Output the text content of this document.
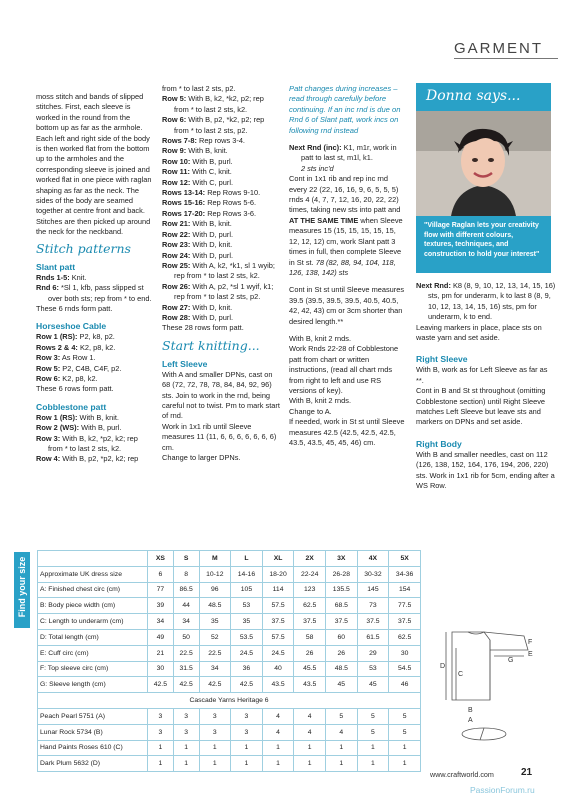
GARMENT

moss stitch and bands of slipped stitches. First, each sleeve is worked in the round from the bottom up as far as the armhole. Each left and right side of the body is then worked flat from the bottom up to the armholes and the corresponding sleeve is joined and worked flat in one piece with raglan shaping as far as the neck. The sides of the body are seamed together at centre front and back. Stitches are then picked up around the neck for the neckband.

Stitch patterns
Slant patt

Rnds 1-5: Knit.

Rnd 6: *Sl 1, kfb, pass slipped st over both sts; rep from * to end.

These 6 rnds form patt.

Horseshoe Cable

Row 1 (RS): P2, k8, p2.

Rows 2 & 4: K2, p8, k2.

Row 3: As Row 1.

Row 5: P2, C4B, C4F, p2.

Row 6: K2, p8, k2.

These 6 rows form patt.

Cobblestone patt

Row 1 (RS): With B, knit.

Row 2 (WS): With B, purl.

Row 3: With B, k2, *p2, k2; rep from * to last 2 sts, k2.

Row 4: With B, p2, *p2, k2; rep

from * to last 2 sts, p2.

Row 5: With B, k2, *k2, p2; rep from * to last 2 sts, k2.

Row 6: With B, p2, *k2, p2; rep from * to last 2 sts, p2.

Rows 7-8: Rep rows 3-4.

Row 9: With B, knit.

Row 10: With B, purl.

Row 11: With C, knit.

Row 12: With C, purl.

Rows 13-14: Rep Rows 9-10.

Rows 15-16: Rep Rows 5-6.

Rows 17-20: Rep Rows 3-6.

Row 21: With B, knit.

Row 22: With D, purl.

Row 23: With D, knit.

Row 24: With D, purl.

Row 25: With A, k2, *k1, sl 1 wyib; rep from * to last 2 sts, k2.

Row 26: With A, p2, *sl 1 wyif, k1; rep from * to last 2 sts, p2.

Row 27: With D, knit.

Row 28: With D, purl.

These 28 rows form patt.

Start knitting...
Left Sleeve

With A and smaller DPNs, cast on 68 (72, 72, 78, 78, 84, 84, 92, 96) sts. Join to work in the rnd, being careful not to twist. Pm to mark start of rnd.

Work in 1x1 rib until Sleeve measures 11 (11, 6, 6, 6, 6, 6, 6, 6) cm.

Change to larger DPNs.

Patt changes during increases – read through carefully before continuing. If an inc rnd is due on Rnd 6 of Slant patt, work incs on following rnd instead

Next Rnd (inc): K1, m1r, work in patt to last st, m1l, k1.

2 sts inc'd

Cont in 1x1 rib and rep inc rnd every 22 (22, 16, 16, 9, 6, 5, 5, 5) rnds 4 (4, 7, 7, 12, 16, 20, 22, 22) times, taking new sts into patt and AT THE SAME TIME when Sleeve measures 15 (15, 15, 15, 15, 15, 12, 12, 12) cm, work Slant patt 3 times in full, then complete Sleeve in St st. 78 (82, 88, 94, 104, 118, 126, 138, 142) sts

Cont in St st until Sleeve measures 39.5 (39.5, 39.5, 39.5, 40.5, 40.5, 42, 42, 43) cm or 3cm shorter than desired length.**

With B, knit 2 rnds.

Work Rnds 22-28 of Cobblestone patt from chart or written instructions, (read all chart rnds from right to left and use RS versions of key).

With B, knit 2 rnds.

Change to A.

If needed, work in St st until Sleeve measures 42.5 (42.5, 42.5, 42.5, 43.5, 43.5, 45, 45, 46) cm.

Donna says...
"Village Raglan lets your creativity flow with different colours, textures, techniques, and construction to hold your interest"

Next Rnd: K8 (8, 9, 10, 12, 13, 14, 15, 16) sts, pm for underarm, k to last 8 (8, 9, 10, 12, 13, 14, 15, 16) sts, pm for underarm, k to end.

Leaving markers in place, place sts on waste yarn and set aside.

Right Sleeve

With B, work as for Left Sleeve as far as **.

Cont in B and St st throughout (omitting Cobblestone section) until Right Sleeve matches Left Sleeve but leave sts and markers on DPNs and set aside.

Right Body

With B and smaller needles, cast on 112 (126, 138, 152, 164, 176, 194, 206, 220) sts. Work in 1x1 rib for 5cm, ending after a WS Row.

Find your size
		XS	S	M	L	XL	2X	3X	4X	5X
Approximate UK dress size	6	8	10-12	14-16	18-20	22-24	26-28	30-32	34-36
A: Finished chest circ (cm)	77	86.5	96	105	114	123	135.5	145	154
B: Body piece width (cm)	39	44	48.5	53	57.5	62.5	68.5	73	77.5
C: Length to underarm (cm)	34	34	35	35	37.5	37.5	37.5	37.5	37.5
D: Total length (cm)	49	50	52	53.5	57.5	58	60	61.5	62.5
E: Cuff circ (cm)	21	22.5	22.5	24.5	24.5	26	26	29	30
F: Top sleeve circ (cm)	30	31.5	34	36	40	45.5	48.5	53	54.5
G: Sleeve length (cm)	42.5	42.5	42.5	42.5	43.5	43.5	45	45	46
Cascade Yarns Heritage 6									
Peach Pearl 5751 (A)	3	3	3	3	4	4	5	5	5
Lunar Rock 5734 (B)	3	3	3	3	4	4	4	5	5
Hand Paints Roses 610 (C)	1	1	1	1	1	1	1	1	1
Dark Plum 5632 (D)	1	1	1	1	1	1	1	1	1
D
C
B
A
F
E
G
www.craftworld.com	21
PassionForum.ru
